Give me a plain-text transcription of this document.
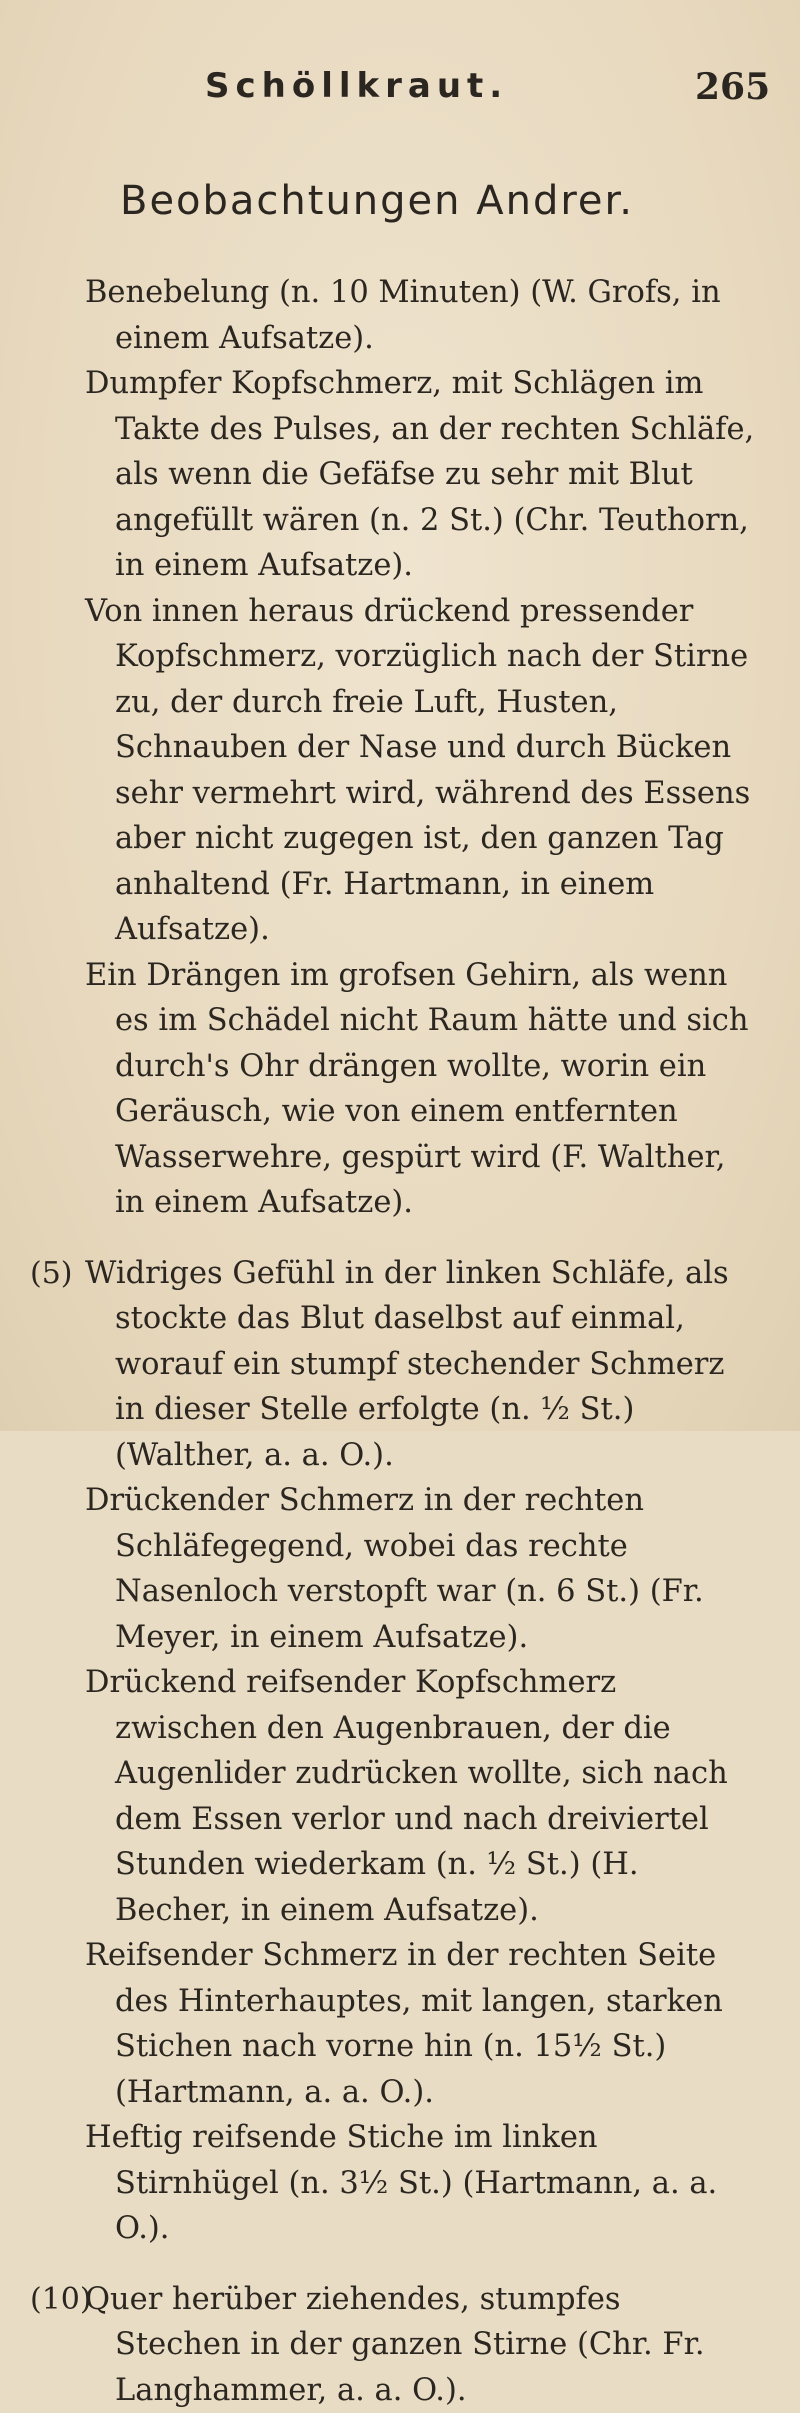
Schöllkraut.	265
Beobachtungen Andrer.

Benebelung (n. 10 Minuten) (W. Grofs, in einem Aufsatze).

Dumpfer Kopfschmerz, mit Schlägen im Takte des Pulses, an der rechten Schläfe, als wenn die Gefäfse zu sehr mit Blut angefüllt wären (n. 2 St.) (Chr. Teuthorn, in einem Aufsatze).

Von innen heraus drückend pressender Kopfschmerz, vorzüglich nach der Stirne zu, der durch freie Luft, Husten, Schnauben der Nase und durch Bücken sehr vermehrt wird, während des Essens aber nicht zugegen ist, den ganzen Tag anhaltend (Fr. Hartmann, in einem Aufsatze).

Ein Drängen im grofsen Gehirn, als wenn es im Schädel nicht Raum hätte und sich durch's Ohr drängen wollte, worin ein Geräusch, wie von einem entfernten Wasserwehre, gespürt wird (F. Walther, in einem Aufsatze).

(5) Widriges Gefühl in der linken Schläfe, als stockte das Blut daselbst auf einmal, worauf ein stumpf stechender Schmerz in dieser Stelle erfolgte (n. ½ St.) (Walther, a. a. O.).

Drückender Schmerz in der rechten Schläfegegend, wobei das rechte Nasenloch verstopft war (n. 6 St.) (Fr. Meyer, in einem Aufsatze).

Drückend reifsender Kopfschmerz zwischen den Augenbrauen, der die Augenlider zudrücken wollte, sich nach dem Essen verlor und nach dreiviertel Stunden wiederkam (n. ½ St.) (H. Becher, in einem Aufsatze).

Reifsender Schmerz in der rechten Seite des Hinterhauptes, mit langen, starken Stichen nach vorne hin (n. 15½ St.) (Hartmann, a. a. O.).

Heftig reifsende Stiche im linken Stirnhügel (n. 3½ St.) (Hartmann, a. a. O.).

(10)
Quer herüber ziehendes, stumpfes Stechen in der ganzen Stirne (Chr. Fr. Langhammer, a. a. O.).
